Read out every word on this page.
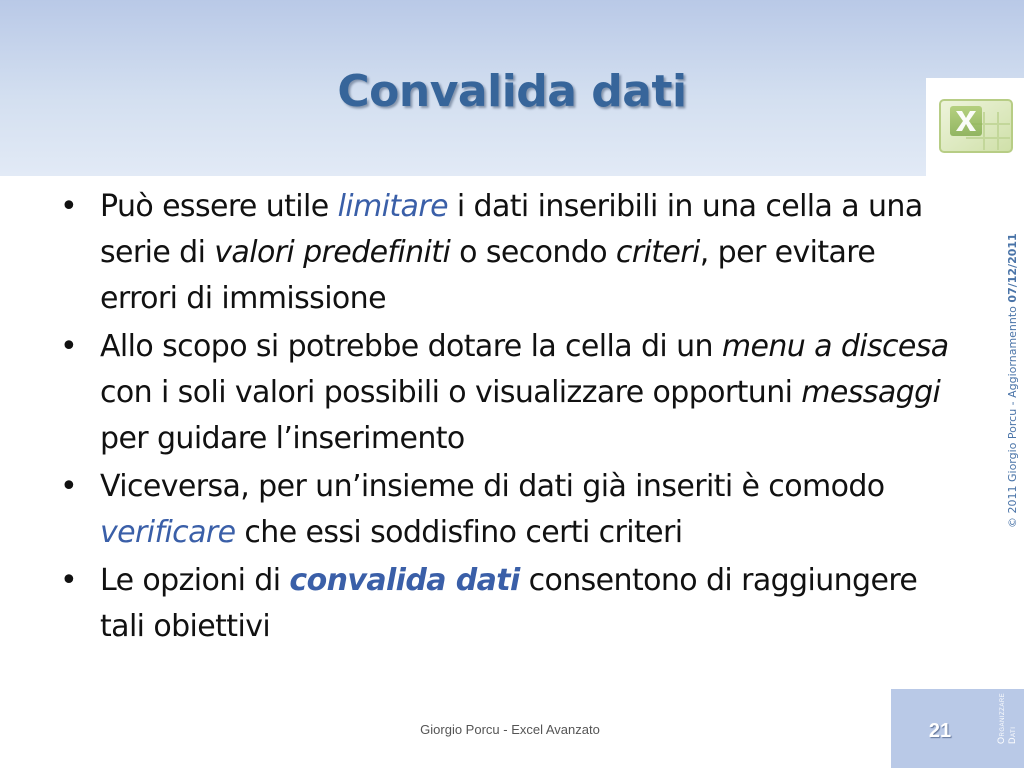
Convalida dati
© 2011 Giorgio Porcu - Aggiornamennto 07/12/2011
• Può essere utile limitare i dati inseribili in una cella a una serie di valori predefiniti o secondo criteri, per evitare errori di immissione
• Allo scopo si potrebbe dotare la cella di un menu a discesa con i soli valori possibili o visualizzare opportuni messaggi per guidare l’inserimento
• Viceversa, per un’insieme di dati già inseriti è comodo verificare che essi soddisfino certi criteri
• Le opzioni di convalida dati consentono di raggiungere tali obiettivi
Giorgio Porcu - Excel Avanzato	21	Organizzare Dati
